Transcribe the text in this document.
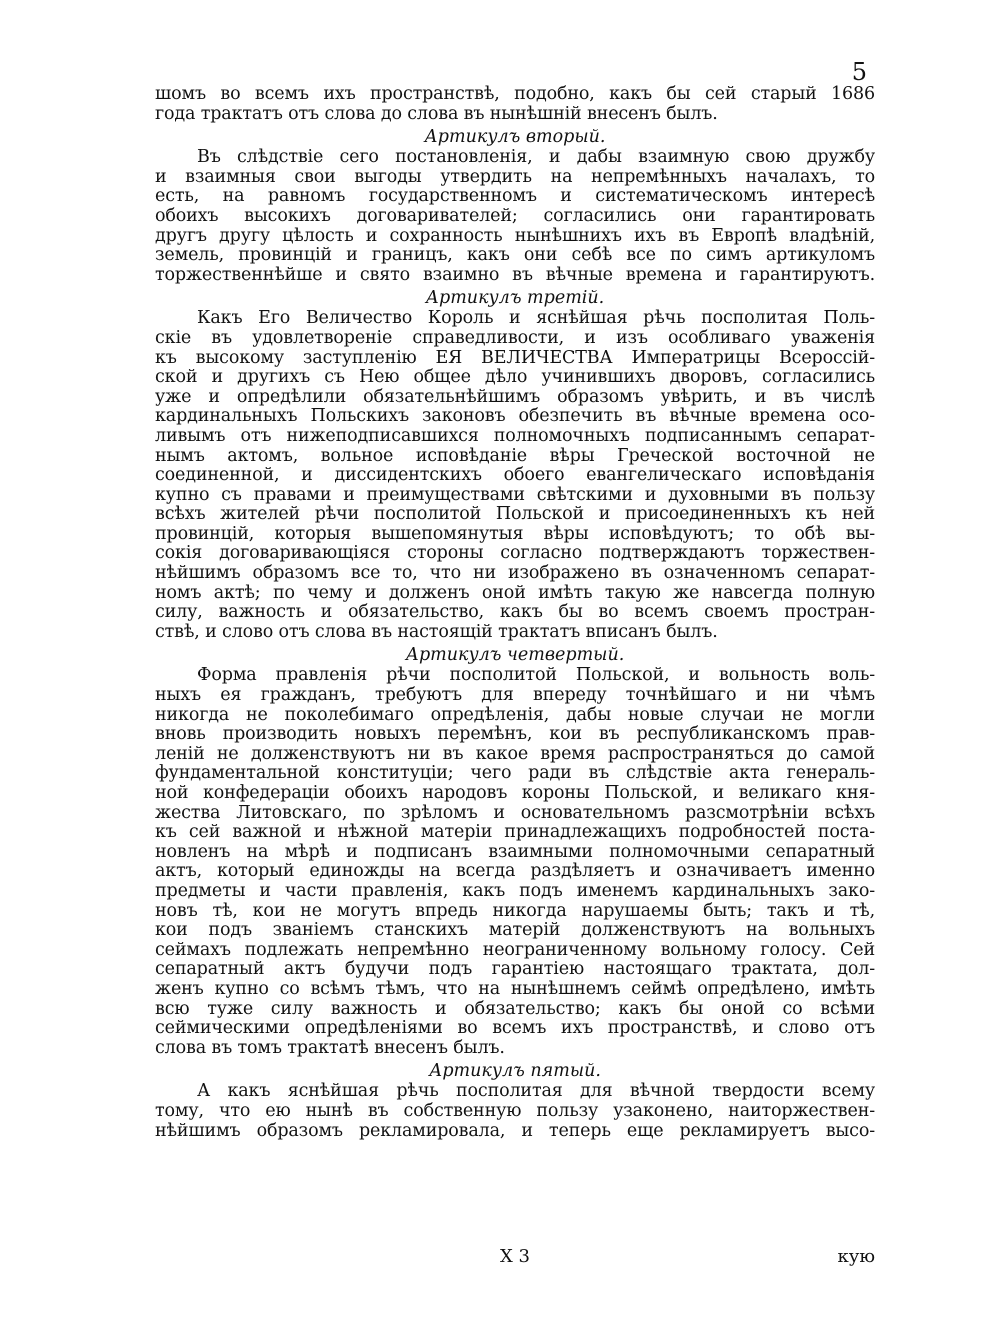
5
шомъ во всемъ ихъ пространствѣ, подобно, какъ бы сей старый 1686
года трактатъ отъ слова до слова въ нынѣшній внесенъ былъ.
Артикулъ вторый.
Въ слѣдствіе сего постановленія, и дабы взаимную свою дружбу
и взаимныя свои выгоды утвердить на непремѣнныхъ началахъ, то
есть, на равномъ государственномъ и систематическомъ интересѣ
обоихъ высокихъ договаривателей; согласились они гарантировать
другъ другу цѣлость и сохранность нынѣшнихъ ихъ въ Европѣ владѣній,
земель, провинцій и границъ, какъ они себѣ все по симъ артикуломъ
торжественнѣйше и свято взаимно въ вѣчные времена и гарантируютъ.
Артикулъ третій.
Какъ Его Величество Король и яснѣйшая рѣчь посполитая Поль-
скіе въ удовлетвореніе справедливости, и изъ особливаго уваженія
къ высокому заступленію ЕЯ ВЕЛИЧЕСТВА Императрицы Всероссій-
ской и другихъ съ Нею общее дѣло учинившихъ дворовъ, согласились
уже и опредѣлили обязательнѣйшимъ образомъ увѣрить, и въ числѣ
кардинальныхъ Польскихъ законовъ обезпечить въ вѣчные времена осо-
ливымъ отъ нижеподписавшихся полномочныхъ подписаннымъ сепарат-
нымъ актомъ, вольное исповѣданіе вѣры Греческой восточной не
соединенной, и диссидентскихъ обоего евангелическаго исповѣданія
купно съ правами и преимуществами свѣтскими и духовными въ пользу
всѣхъ жителей рѣчи посполитой Польской и присоединенныхъ къ ней
провинцій, которыя вышепомянутыя вѣры исповѣдуютъ; то обѣ вы-
сокія договаривающіяся стороны согласно подтверждаютъ торжествен-
нѣйшимъ образомъ все то, что ни изображено въ означенномъ сепарат-
номъ актѣ; по чему и долженъ оной имѣть такую же навсегда полную
силу, важность и обязательство, какъ бы во всемъ своемъ простран-
ствѣ, и слово отъ слова въ настоящій трактатъ вписанъ былъ.
Артикулъ четвертый.
Форма правленія рѣчи посполитой Польской, и вольность воль-
ныхъ ея гражданъ, требуютъ для впереду точнѣйшаго и ни чѣмъ
никогда не поколебимаго опредѣленія, дабы новые случаи не могли
вновь производить новыхъ перемѣнъ, кои въ республиканскомъ прав-
леній не долженствуютъ ни въ какое время распространяться до самой
фундаментальной конституціи; чего ради въ слѣдствіе акта генераль-
ной конфедераціи обоихъ народовъ короны Польской, и великаго кня-
жества Литовскаго, по зрѣломъ и основательномъ разсмотрѣніи всѣхъ
къ сей важной и нѣжной матеріи принадлежащихъ подробностей поста-
новленъ на мѣрѣ и подписанъ взаимными полномочными сепаратный
актъ, который единожды на всегда раздѣляетъ и означиваетъ именно
предметы и части правленія, какъ подъ именемъ кардинальныхъ зако-
новъ тѣ, кои не могутъ впредь никогда нарушаемы быть; такъ и тѣ,
кои подъ званіемъ станскихъ матерій долженствуютъ на вольныхъ
сеймахъ подлежать непремѣнно неограниченному вольному голосу. Сей
сепаратный актъ будучи подъ гарантіею настоящаго трактата, дол-
женъ купно со всѣмъ тѣмъ, что на нынѣшнемъ сеймѣ опредѣлено, имѣть
всю туже силу важность и обязательство; какъ бы оной со всѣми
сеймическими опредѣленіями во всемъ ихъ пространствѣ, и слово отъ
слова въ томъ трактатѣ внесенъ былъ.
Артикулъ пятый.
А какъ яснѣйшая рѣчь посполитая для вѣчной твердости всему
тому, что ею нынѣ въ собственную пользу узаконено, наиторжествен-
нѣйшимъ образомъ рекламировала, и теперь еще рекламируетъ высо-
X 3	кую
